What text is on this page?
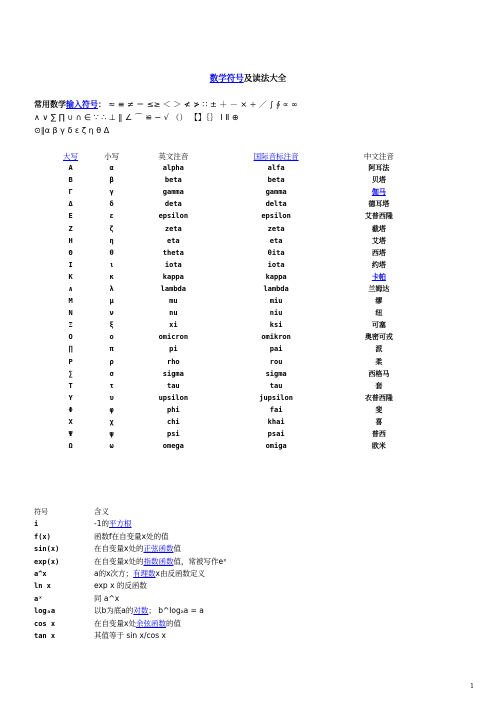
数学符号及读法大全
常用数学输入符号： ≈ ≡ ≠ ＝ ≤≥ ＜ ＞ ≮ ≯ ∷ ± ＋ － × ÷ ／ ∫ ∮ ∝ ∞
∧ ∨ ∑ ∏ ∪ ∩ ∈ ∵ ∴ ⊥ ‖ ∠ ⌒ ≌ ∽ √ （） 【】｛｝ Ⅰ Ⅱ ⊕
⊙∥α β γ δ ε ζ η θ Δ
大写	小写	英文注音	国际音标注音	中文注音
Α	α	alpha	alfa	阿耳法
Β	β	beta	beta	贝塔
Γ	γ	gamma	gamma	伽马
Δ	δ	deta	delta	德耳塔
Ε	ε	epsilon	epsilon	艾普西隆
Ζ	ζ	zeta	zeta	截塔
Η	η	eta	eta	艾塔
Θ	θ	theta	θita	西塔
Ι	ι	iota	iota	约塔
Κ	κ	kappa	kappa	卡帕
∧	λ	lambda	lambda	兰姆达
Μ	μ	mu	miu	缪
Ν	ν	nu	niu	纽
Ξ	ξ	xi	ksi	可塞
Ο	ο	omicron	omikron	奥密可戎
∏	π	pi	pai	派
Ρ	ρ	rho	rou	柔
∑	σ	sigma	sigma	西格马
Τ	τ	tau	tau	套
Υ	υ	upsilon	jupsilon	衣普西隆
Φ	φ	phi	fai	斐
Χ	χ	chi	khai	喜
Ψ	ψ	psi	psai	普西
Ω	ω	omega	omiga	欧米
符号	含义
i	-1的平方根
f(x)	函数f在自变量x处的值
sin(x)	在自变量x处的正弦函数值
exp(x)	在自变量x处的指数函数值，常被写作eˣ
a^x	a的x次方；有理数x由反函数定义
ln x	exp x 的反函数
aˣ	同 a^x
logₐa	以b为底a的对数； b^logₐa = a
cos x	在自变量x处余弦函数的值
tan x	其值等于 sin x/cos x
1
